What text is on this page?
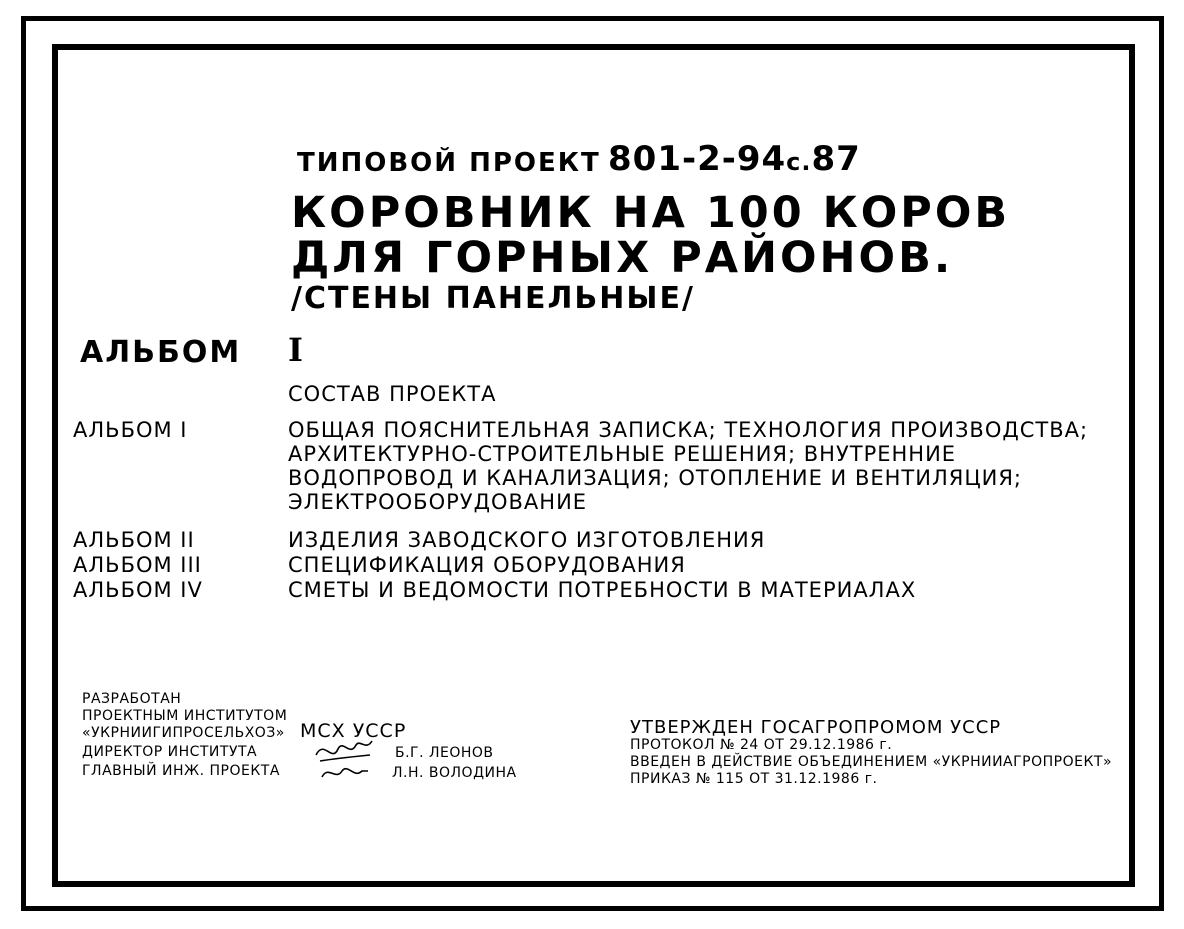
ТИПОВОЙ ПРОЕКТ 801-2-94с.87
КОРОВНИК НА 100 КОРОВ
ДЛЯ ГОРНЫХ РАЙОНОВ.
/СТЕНЫ ПАНЕЛЬНЫЕ/
АЛЬБОМ I
СОСТАВ ПРОЕКТА
АЛЬБОМ I	ОБЩАЯ ПОЯСНИТЕЛЬНАЯ ЗАПИСКА; ТЕХНОЛОГИЯ ПРОИЗВОДСТВА;
АРХИТЕКТУРНО-СТРОИТЕЛЬНЫЕ РЕШЕНИЯ; ВНУТРЕННИЕ
ВОДОПРОВОД И КАНАЛИЗАЦИЯ; ОТОПЛЕНИЕ И ВЕНТИЛЯЦИЯ;
ЭЛЕКТРООБОРУДОВАНИЕ
АЛЬБОМ II	ИЗДЕЛИЯ ЗАВОДСКОГО ИЗГОТОВЛЕНИЯ
АЛЬБОМ III	СПЕЦИФИКАЦИЯ ОБОРУДОВАНИЯ
АЛЬБОМ IV	СМЕТЫ И ВЕДОМОСТИ ПОТРЕБНОСТИ В МАТЕРИАЛАХ
РАЗРАБОТАН
ПРОЕКТНЫМ ИНСТИТУТОМ
«УКРНИИГИПРОСЕЛЬХОЗ» МСХ УССР
ДИРЕКТОР ИНСТИТУТА
ГЛАВНЫЙ ИНЖ. ПРОЕКТА
Б.Г. ЛЕОНОВ
Л.Н. ВОЛОДИНА
УТВЕРЖДЕН ГОСАГРОПРОМОМ УССР
ПРОТОКОЛ № 24 ОТ 29.12.1986 г.
ВВЕДЕН В ДЕЙСТВИЕ ОБЪЕДИНЕНИЕМ «УКРНИИАГРОПРОЕКТ»
ПРИКАЗ № 115 ОТ 31.12.1986 г.
